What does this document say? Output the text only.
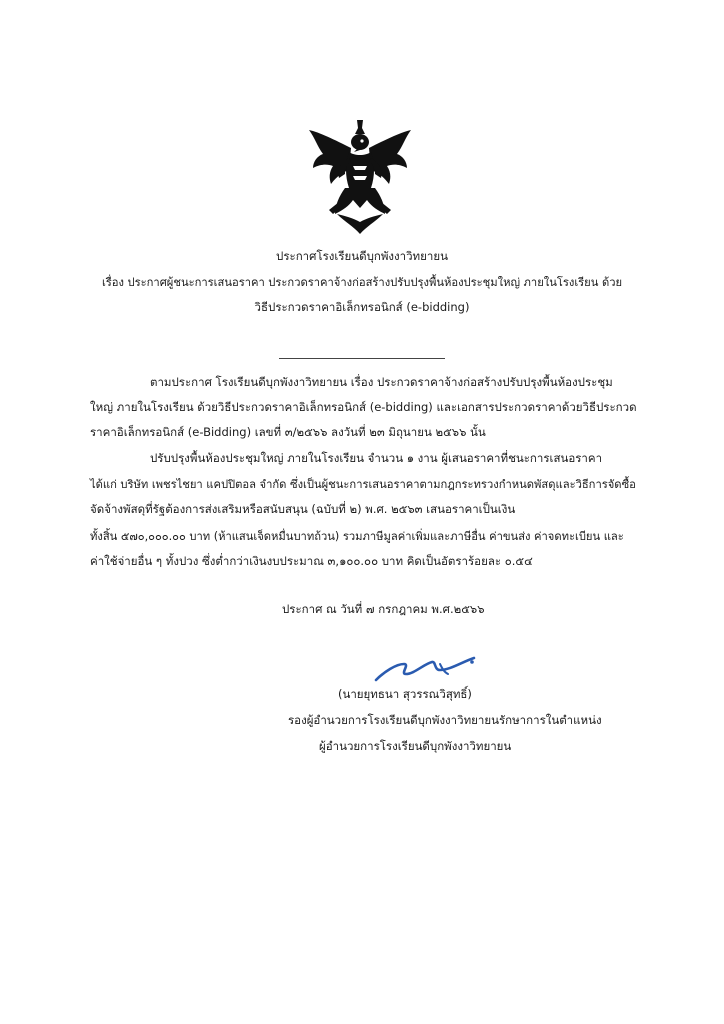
ประกาศโรงเรียนดีบุกพังงาวิทยายน
เรื่อง ประกาศผู้ชนะการเสนอราคา ประกวดราคาจ้างก่อสร้างปรับปรุงพื้นห้องประชุมใหญ่ ภายในโรงเรียน ด้วย
วิธีประกวดราคาอิเล็กทรอนิกส์ (e-bidding)
ตามประกาศ โรงเรียนดีบุกพังงาวิทยายน เรื่อง ประกวดราคาจ้างก่อสร้างปรับปรุงพื้นห้องประชุม
ใหญ่ ภายในโรงเรียน ด้วยวิธีประกวดราคาอิเล็กทรอนิกส์ (e-bidding) และเอกสารประกวดราคาด้วยวิธีประกวด
ราคาอิเล็กทรอนิกส์ (e-Bidding) เลขที่ ๓/๒๕๖๖ ลงวันที่ ๒๓ มิถุนายน ๒๕๖๖ นั้น
ปรับปรุงพื้นห้องประชุมใหญ่ ภายในโรงเรียน จำนวน ๑ งาน ผู้เสนอราคาที่ชนะการเสนอราคา
ได้แก่ บริษัท เพชรไชยา แคปปิตอล จำกัด ซึ่งเป็นผู้ชนะการเสนอราคาตามกฎกระทรวงกำหนดพัสดุและวิธีการจัดซื้อ
จัดจ้างพัสดุที่รัฐต้องการส่งเสริมหรือสนับสนุน (ฉบับที่ ๒) พ.ศ. ๒๕๖๓ เสนอราคาเป็นเงิน
ทั้งสิ้น ๕๗๐,๐๐๐.๐๐ บาท (ห้าแสนเจ็ดหมื่นบาทถ้วน) รวมภาษีมูลค่าเพิ่มและภาษีอื่น ค่าขนส่ง ค่าจดทะเบียน และ
ค่าใช้จ่ายอื่น ๆ ทั้งปวง ซึ่งต่ำกว่าเงินงบประมาณ ๓,๑๐๐.๐๐ บาท คิดเป็นอัตราร้อยละ ๐.๕๔
ประกาศ ณ วันที่ ๗ กรกฎาคม พ.ศ.๒๕๖๖
(นายยุทธนา สุวรรณวิสุทธิ์)
รองผู้อำนวยการโรงเรียนดีบุกพังงาวิทยายนรักษาการในตำแหน่ง
ผู้อำนวยการโรงเรียนดีบุกพังงาวิทยายน
